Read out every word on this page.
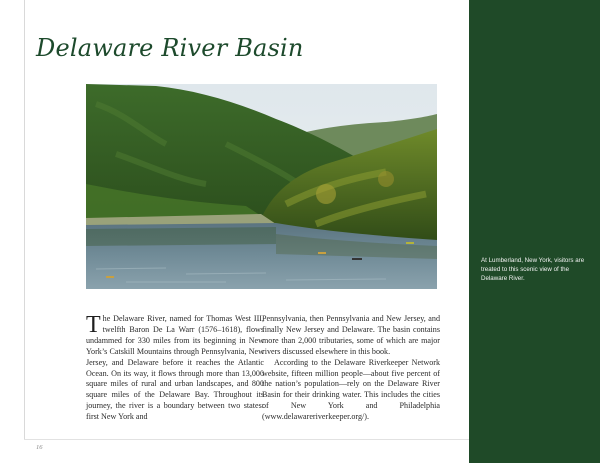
Delaware River Basin

The Delaware River, named for Thomas West III, twelfth Baron De La Warr (1576–1618), flows undammed for 330 miles from its beginning in New York’s Catskill Mountains through Pennsylvania, New Jersey, and Delaware before it reaches the Atlantic Ocean. On its way, it flows through more than 13,000 square miles of rural and urban landscapes, and 800 square miles of the Delaware Bay. Throughout its journey, the river is a boundary between two states: first New York and

Pennsylvania, then Pennsylvania and New Jersey, and finally New Jersey and Delaware. The basin contains more than 2,000 tributaries, some of which are major rivers discussed elsewhere in this book.

According to the Delaware Riverkeeper Network website, fifteen million people—about five percent of the nation’s population—rely on the Delaware River Basin for their drinking water. This includes the cities of New York and Philadelphia (www.delawareriverkeeper.org/).

16
At Lumberland, New York, visitors are treated to this scenic view of the Delaware River.
